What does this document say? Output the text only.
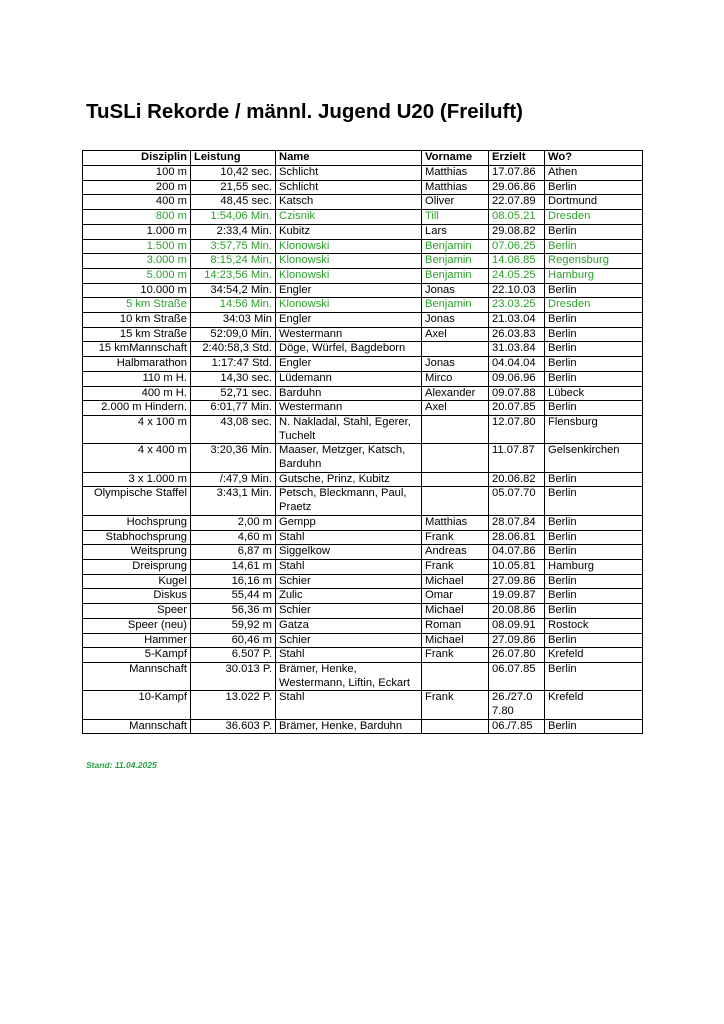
TuSLi Rekorde / männl. Jugend U20 (Freiluft)
Disziplin	Leistung	Name	Vorname	Erzielt	Wo?
100 m	10,42 sec.	Schlicht	Matthias	17.07.86	Athen
200 m	21,55 sec.	Schlicht	Matthias	29.06.86	Berlin
400 m	48,45 sec.	Katsch	Oliver	22.07.89	Dortmund
800 m	1:54,06 Min.	Czisnik	Till	08.05.21	Dresden
1.000 m	2:33,4 Min.	Kubitz	Lars	29.08.82	Berlin
1.500 m	3:57,75 Min.	Klonowski	Benjamin	07.06.25	Berlin
3.000 m	8:15,24 Min.	Klonowski	Benjamin	14.06.85	Regensburg
5.000 m	14:23,56 Min.	Klonowski	Benjamin	24.05.25	Hamburg
10.000 m	34:54,2 Min.	Engler	Jonas	22.10.03	Berlin
5 km Straße	14:56 Min.	Klonowski	Benjamin	23.03.25	Dresden
10 km Straße	34:03 Min	Engler	Jonas	21.03.04	Berlin
15 km Straße	52:09,0 Min.	Westermann	Axel	26.03.83	Berlin
15 kmMannschaft	2:40:58,3 Std.	Döge, Würfel, Bagdeborn		31.03.84	Berlin
Halbmarathon	1:17:47 Std.	Engler	Jonas	04.04.04	Berlin
110 m H.	14,30 sec.	Lüdemann	Mirco	09.06.96	Berlin
400 m H.	52,71 sec.	Barduhn	Alexander	09.07.88	Lübeck
2.000 m Hindern.	6:01,77 Min.	Westermann	Axel	20.07.85	Berlin
4 x 100 m	43,08 sec.	N. Nakladal, Stahl, Egerer, Tuchelt		12.07.80	Flensburg
4 x 400 m	3:20,36 Min.	Maaser, Metzger, Katsch, Barduhn		11.07.87	Gelsenkirchen
3 x 1.000 m	/:47,9 Min.	Gutsche, Prinz, Kubitz		20.06.82	Berlin
Olympische Staffel	3:43,1 Min.	Petsch, Bleckmann, Paul, Praetz		05.07.70	Berlin
Hochsprung	2,00 m	Gempp	Matthias	28.07.84	Berlin
Stabhochsprung	4,60 m	Stahl	Frank	28.06.81	Berlin
Weitsprung	6,87 m	Siggelkow	Andreas	04.07.86	Berlin
Dreisprung	14,61 m	Stahl	Frank	10.05.81	Hamburg
Kugel	16,16 m	Schier	Michael	27.09.86	Berlin
Diskus	55,44 m	Zulic	Omar	19.09.87	Berlin
Speer	56,36 m	Schier	Michael	20.08.86	Berlin
Speer (neu)	59,92 m	Gatza	Roman	08.09.91	Rostock
Hammer	60,46 m	Schier	Michael	27.09.86	Berlin
5-Kampf	6.507 P.	Stahl	Frank	26.07.80	Krefeld
Mannschaft	30.013 P.	Brämer, Henke, Westermann, Liftin, Eckart		06.07.85	Berlin
10-Kampf	13.022 P.	Stahl	Frank	26./27.0 7.80	Krefeld
Mannschaft	36.603 P.	Brämer, Henke, Barduhn		06./7.85	Berlin
Stand: 11.04.2025
